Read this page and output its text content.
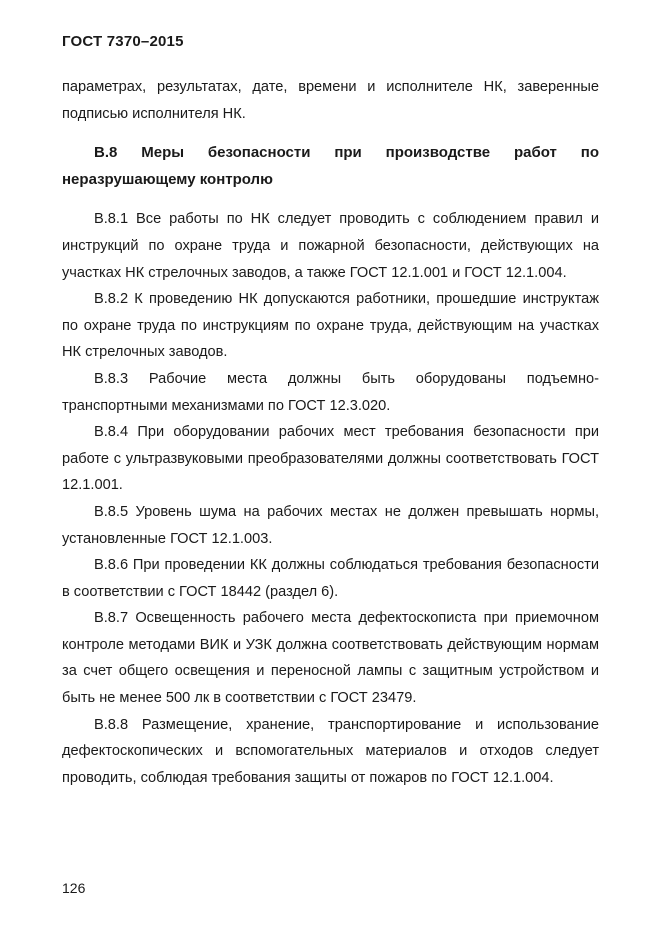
ГОСТ 7370–2015

параметрах, результатах, дате, времени и исполнителе НК, заверенные подписью исполнителя НК.

В.8 Меры безопасности при производстве работ по неразрушающему контролю

В.8.1 Все работы по НК следует проводить с соблюдением правил и инструкций по охране труда и пожарной безопасности, действующих на участках НК стрелочных заводов, а также ГОСТ 12.1.001 и ГОСТ 12.1.004.

В.8.2 К проведению НК допускаются работники, прошедшие инструктаж по охране труда по инструкциям по охране труда, действующим на участках НК стрелочных заводов.

В.8.3 Рабочие места должны быть оборудованы подъемно-транспортными механизмами по ГОСТ 12.3.020.

В.8.4 При оборудовании рабочих мест требования безопасности при работе с ультразвуковыми преобразователями должны соответствовать ГОСТ 12.1.001.

В.8.5 Уровень шума на рабочих местах не должен превышать нормы, установленные ГОСТ 12.1.003.

В.8.6 При проведении КК должны соблюдаться требования безопасности в соответствии с ГОСТ 18442 (раздел 6).

В.8.7 Освещенность рабочего места дефектоскописта при приемочном контроле методами ВИК и УЗК должна соответствовать действующим нормам за счет общего освещения и переносной лампы с защитным устройством и быть не менее 500 лк в соответствии с ГОСТ 23479.

В.8.8 Размещение, хранение, транспортирование и использование дефектоскопических и вспомогательных материалов и отходов следует проводить, соблюдая требования защиты от пожаров по ГОСТ 12.1.004.

126
